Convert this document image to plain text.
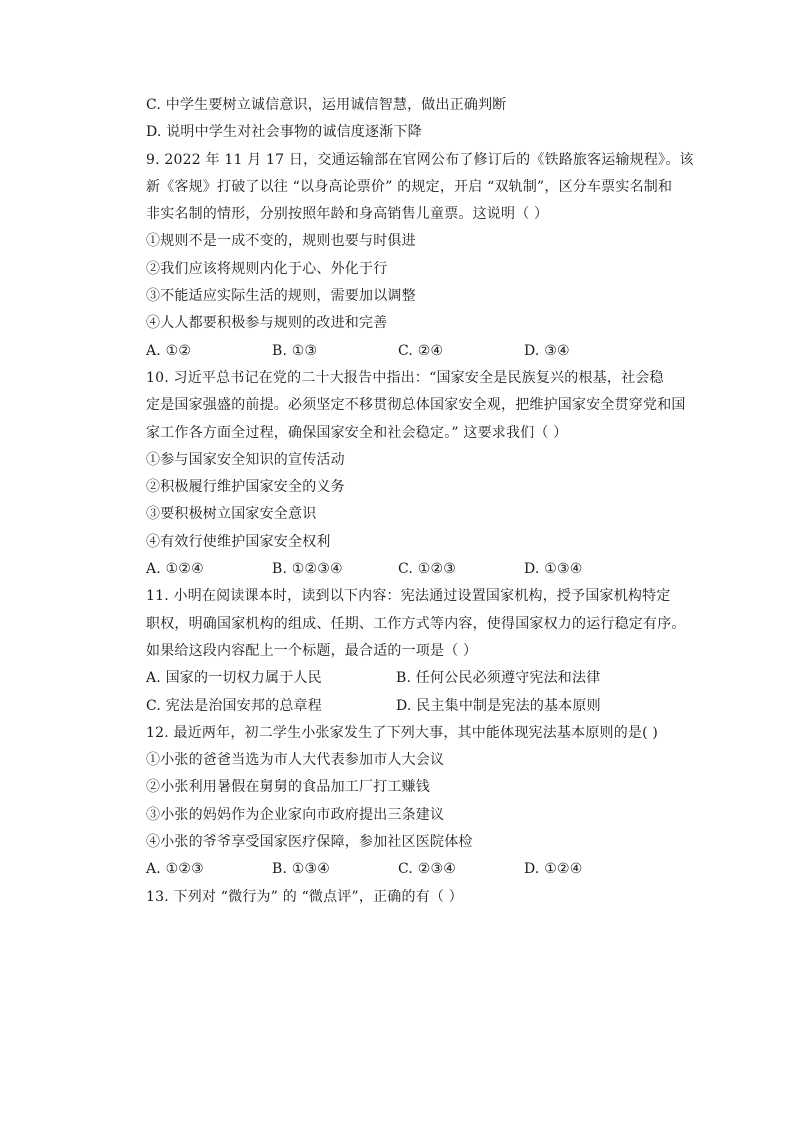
C. 中学生要树立诚信意识，运用诚信智慧，做出正确判断
D. 说明中学生对社会事物的诚信度逐渐下降
9. 2022 年 11 月 17 日，交通运输部在官网公布了修订后的《铁路旅客运输规程》。该
新《客规》打破了以往 “以身高论票价” 的规定，开启 “双轨制”，区分车票实名制和
非实名制的情形，分别按照年龄和身高销售儿童票。这说明（ ）
①规则不是一成不变的，规则也要与时俱进
②我们应该将规则内化于心、外化于行
③不能适应实际生活的规则，需要加以调整
④人人都要积极参与规则的改进和完善
A. ①②	B. ①③	C. ②④	D. ③④
10. 习近平总书记在党的二十大报告中指出：“国家安全是民族复兴的根基，社会稳
定是国家强盛的前提。必须坚定不移贯彻总体国家安全观，把维护国家安全贯穿党和国
家工作各方面全过程，确保国家安全和社会稳定。” 这要求我们（ ）
①参与国家安全知识的宣传活动
②积极履行维护国家安全的义务
③要积极树立国家安全意识
④有效行使维护国家安全权利
A. ①②④	B. ①②③④	C. ①②③	D. ①③④
11. 小明在阅读课本时，读到以下内容：宪法通过设置国家机构，授予国家机构特定
职权，明确国家机构的组成、任期、工作方式等内容，使得国家权力的运行稳定有序。
如果给这段内容配上一个标题，最合适的一项是（ ）
A. 国家的一切权力属于人民	B. 任何公民必须遵守宪法和法律
C. 宪法是治国安邦的总章程	D. 民主集中制是宪法的基本原则
12. 最近两年，初二学生小张家发生了下列大事，其中能体现宪法基本原则的是( )
①小张的爸爸当选为市人大代表参加市人大会议
②小张利用暑假在舅舅的食品加工厂打工赚钱
③小张的妈妈作为企业家向市政府提出三条建议
④小张的爷爷享受国家医疗保障，参加社区医院体检
A. ①②③	B. ①③④	C. ②③④	D. ①②④
13. 下列对 “微行为” 的 “微点评”，正确的有（ ）
